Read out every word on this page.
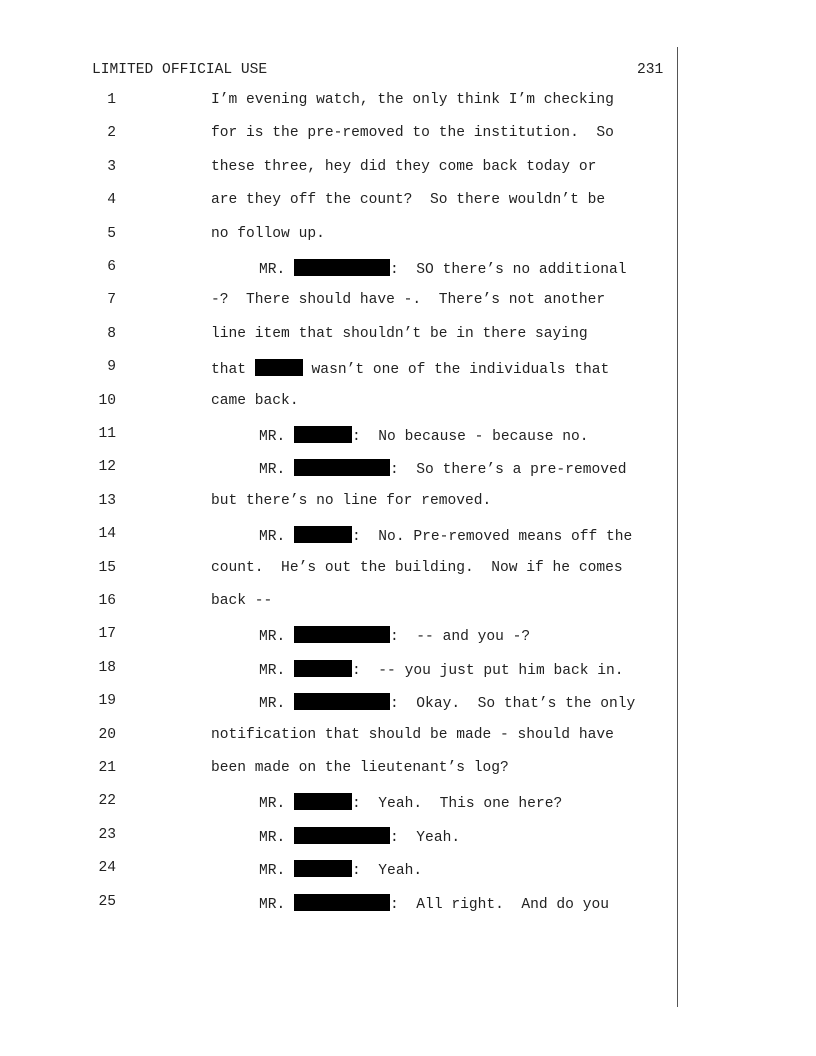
LIMITED OFFICIAL USE	231
1	I’m evening watch, the only think I’m checking
2	for is the pre-removed to the institution.  So
3	these three, hey did they come back today or
4	are they off the count?  So there wouldn’t be
5	no follow up.
6	MR.	:  SO there’s no additional
7	-?  There should have -.  There’s not another
8	line item that shouldn’t be in there saying
9	that	wasn’t one of the individuals that
10	came back.
11	MR.	:  No because - because no.
12	MR.	:  So there’s a pre-removed
13	but there’s no line for removed.
14	MR.	:  No. Pre-removed means off the
15	count.  He’s out the building.  Now if he comes
16	back --
17	MR.	:  -- and you -?
18	MR.	:  -- you just put him back in.
19	MR.	:  Okay.  So that’s the only
20	notification that should be made - should have
21	been made on the lieutenant’s log?
22	MR.	:  Yeah.  This one here?
23	MR.	:  Yeah.
24	MR.	:  Yeah.
25	MR.	:  All right.  And do you
